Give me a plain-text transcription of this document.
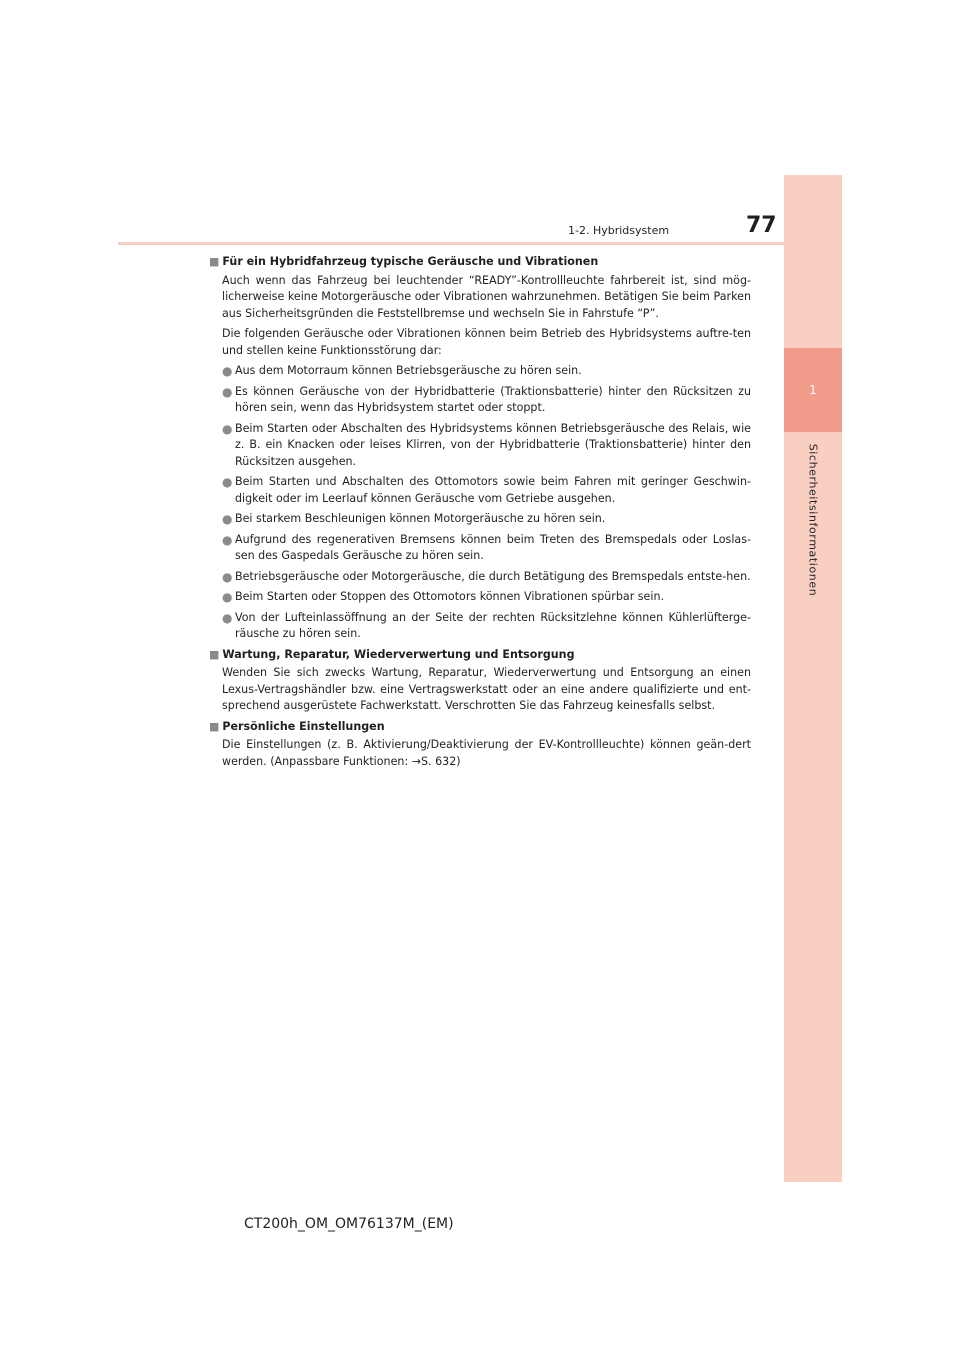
1
Sicherheitsinformationen
1-2. Hybridsystem	77

■ Für ein Hybridfahrzeug typische Geräusche und Vibrationen

Auch wenn das Fahrzeug bei leuchtender “READY”-Kontrollleuchte fahrbereit ist, sind mög-licherweise keine Motorgeräusche oder Vibrationen wahrzunehmen. Betätigen Sie beim Parken aus Sicherheitsgründen die Feststellbremse und wechseln Sie in Fahrstufe “P”.

Die folgenden Geräusche oder Vibrationen können beim Betrieb des Hybridsystems auftre-ten und stellen keine Funktionsstörung dar:

● Aus dem Motorraum können Betriebsgeräusche zu hören sein.

● Es können Geräusche von der Hybridbatterie (Traktionsbatterie) hinter den Rücksitzen zu hören sein, wenn das Hybridsystem startet oder stoppt.

● Beim Starten oder Abschalten des Hybridsystems können Betriebsgeräusche des Relais, wie z. B. ein Knacken oder leises Klirren, von der Hybridbatterie (Traktionsbatterie) hinter den Rücksitzen ausgehen.

● Beim Starten und Abschalten des Ottomotors sowie beim Fahren mit geringer Geschwin-digkeit oder im Leerlauf können Geräusche vom Getriebe ausgehen.

● Bei starkem Beschleunigen können Motorgeräusche zu hören sein.

● Aufgrund des regenerativen Bremsens können beim Treten des Bremspedals oder Loslas-sen des Gaspedals Geräusche zu hören sein.

● Betriebsgeräusche oder Motorgeräusche, die durch Betätigung des Bremspedals entste-hen.

● Beim Starten oder Stoppen des Ottomotors können Vibrationen spürbar sein.

● Von der Lufteinlassöffnung an der Seite der rechten Rücksitzlehne können Kühlerlüfterge-räusche zu hören sein.

■ Wartung, Reparatur, Wiederverwertung und Entsorgung

Wenden Sie sich zwecks Wartung, Reparatur, Wiederverwertung und Entsorgung an einen Lexus-Vertragshändler bzw. eine Vertragswerkstatt oder an eine andere qualifizierte und ent-sprechend ausgerüstete Fachwerkstatt. Verschrotten Sie das Fahrzeug keinesfalls selbst.

■ Persönliche Einstellungen

Die Einstellungen (z. B. Aktivierung/Deaktivierung der EV-Kontrollleuchte) können geän-dert werden. (Anpassbare Funktionen: →S. 632)

CT200h_OM_OM76137M_(EM)
